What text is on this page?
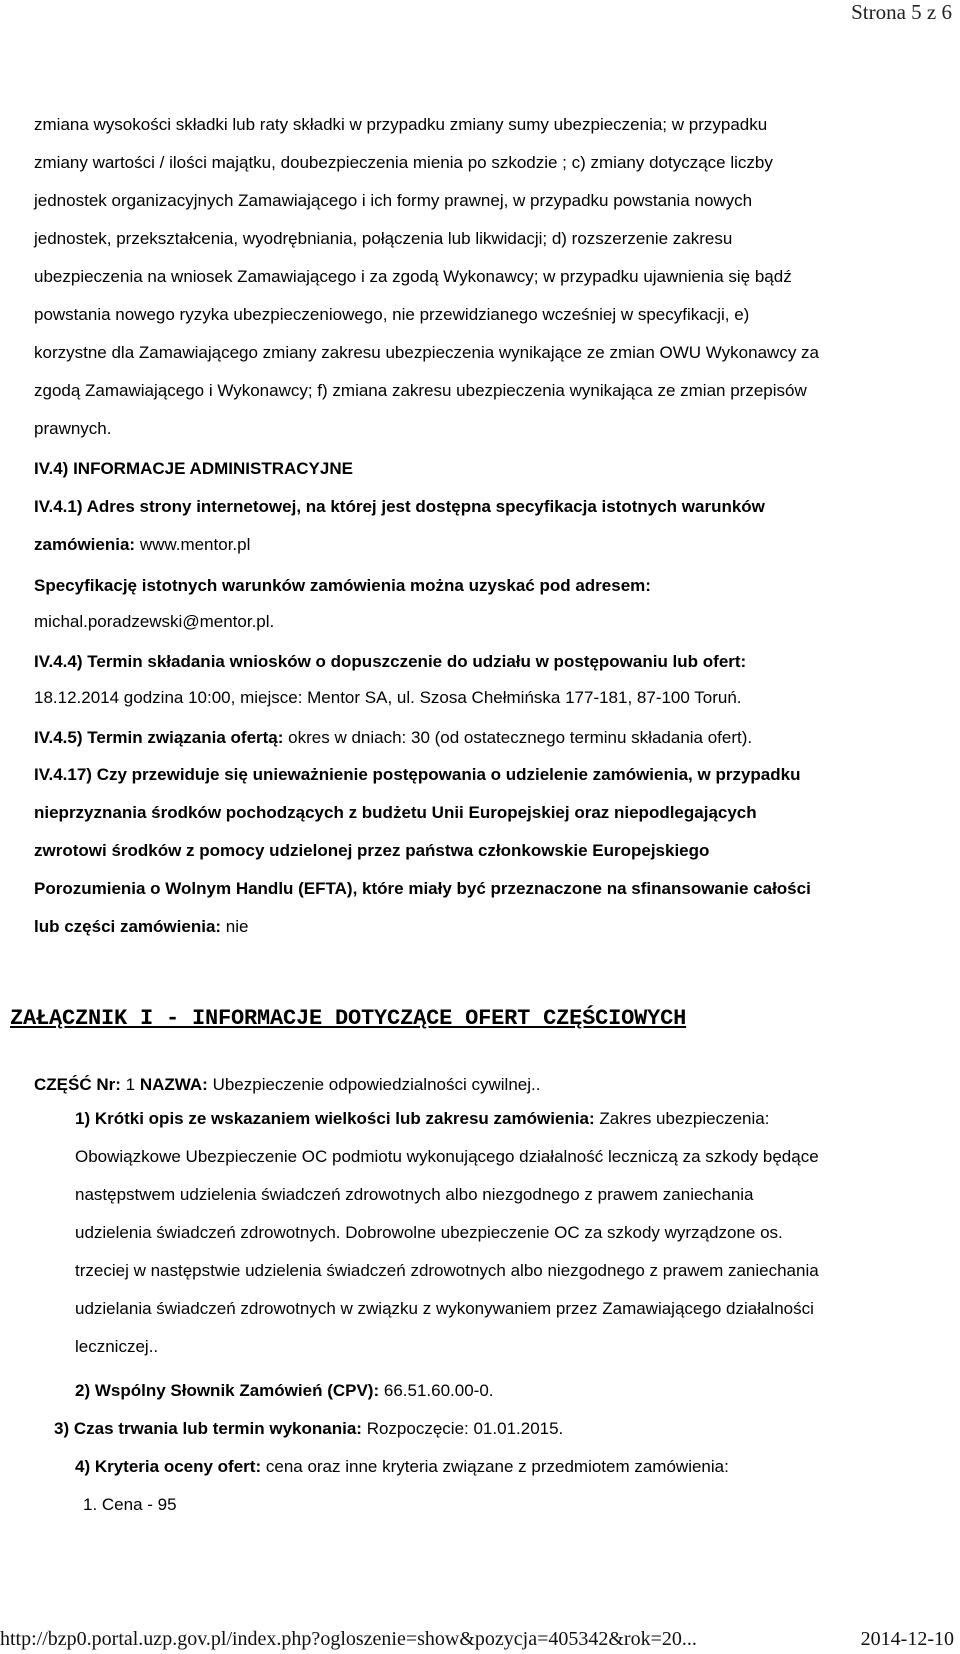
Strona 5 z 6
zmiana wysokości składki lub raty składki w przypadku zmiany sumy ubezpieczenia; w przypadku
zmiany wartości / ilości majątku, doubezpieczenia mienia po szkodzie ; c) zmiany dotyczące liczby
jednostek organizacyjnych Zamawiającego i ich formy prawnej, w przypadku powstania nowych
jednostek, przekształcenia, wyodrębniania, połączenia lub likwidacji; d) rozszerzenie zakresu
ubezpieczenia na wniosek Zamawiającego i za zgodą Wykonawcy; w przypadku ujawnienia się bądź
powstania nowego ryzyka ubezpieczeniowego, nie przewidzianego wcześniej w specyfikacji, e)
korzystne dla Zamawiającego zmiany zakresu ubezpieczenia wynikające ze zmian OWU Wykonawcy za
zgodą Zamawiającego i Wykonawcy; f) zmiana zakresu ubezpieczenia wynikająca ze zmian przepisów
prawnych.
IV.4) INFORMACJE ADMINISTRACYJNE
IV.4.1) Adres strony internetowej, na której jest dostępna specyfikacja istotnych warunków
zamówienia: www.mentor.pl
Specyfikację istotnych warunków zamówienia można uzyskać pod adresem:
michal.poradzewski@mentor.pl.
IV.4.4) Termin składania wniosków o dopuszczenie do udziału w postępowaniu lub ofert:
18.12.2014 godzina 10:00, miejsce: Mentor SA, ul. Szosa Chełmińska 177-181, 87-100 Toruń.
IV.4.5) Termin związania ofertą: okres w dniach: 30 (od ostatecznego terminu składania ofert).
IV.4.17) Czy przewiduje się unieważnienie postępowania o udzielenie zamówienia, w przypadku
nieprzyznania środków pochodzących z budżetu Unii Europejskiej oraz niepodlegających
zwrotowi środków z pomocy udzielonej przez państwa członkowskie Europejskiego
Porozumienia o Wolnym Handlu (EFTA), które miały być przeznaczone na sfinansowanie całości
lub części zamówienia: nie
ZAŁĄCZNIK I - INFORMACJE DOTYCZĄCE OFERT CZĘŚCIOWYCH
CZĘŚĆ Nr: 1 NAZWA: Ubezpieczenie odpowiedzialności cywilnej..
1) Krótki opis ze wskazaniem wielkości lub zakresu zamówienia: Zakres ubezpieczenia:
Obowiązkowe Ubezpieczenie OC podmiotu wykonującego działalność leczniczą za szkody będące
następstwem udzielenia świadczeń zdrowotnych albo niezgodnego z prawem zaniechania
udzielenia świadczeń zdrowotnych. Dobrowolne ubezpieczenie OC za szkody wyrządzone os.
trzeciej w następstwie udzielenia świadczeń zdrowotnych albo niezgodnego z prawem zaniechania
udzielania świadczeń zdrowotnych w związku z wykonywaniem przez Zamawiającego działalności
leczniczej..
2) Wspólny Słownik Zamówień (CPV): 66.51.60.00-0.
3) Czas trwania lub termin wykonania: Rozpoczęcie: 01.01.2015.
4) Kryteria oceny ofert: cena oraz inne kryteria związane z przedmiotem zamówienia:
1. Cena - 95
http://bzp0.portal.uzp.gov.pl/index.php?ogloszenie=show&pozycja=405342&rok=20...	2014-12-10
